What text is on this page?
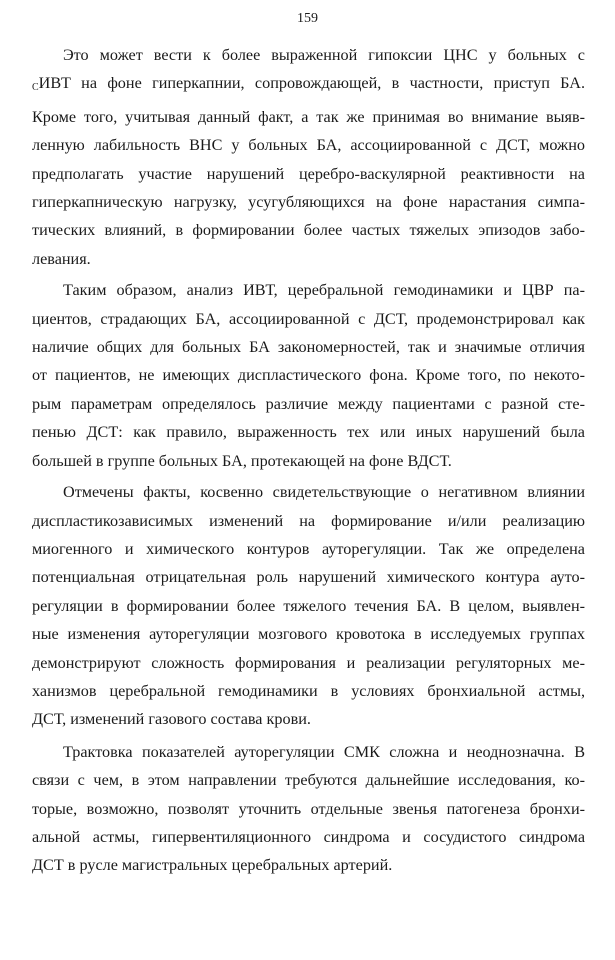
159

Это может вести к более выраженной гипоксии ЦНС у больных с
СИВТ на фоне гиперкапнии, сопровождающей, в частности, приступ БА.
Кроме того, учитывая данный факт, а так же принимая во внимание выяв-
ленную лабильность ВНС у больных БА, ассоциированной с ДСТ, можно
предполагать участие нарушений церебро-васкулярной реактивности на
гиперкапническую нагрузку, усугубляющихся на фоне нарастания симпа-
тических влияний, в формировании более частых тяжелых эпизодов забо-
левания.

Таким образом, анализ ИВТ, церебральной гемодинамики и ЦВР па-
циентов, страдающих БА, ассоциированной с ДСТ, продемонстрировал как
наличие общих для больных БА закономерностей, так и значимые отличия
от пациентов, не имеющих диспластического фона. Кроме того, по некото-
рым параметрам определялось различие между пациентами с разной сте-
пенью ДСТ: как правило, выраженность тех или иных нарушений была
большей в группе больных БА, протекающей на фоне ВДСТ.

Отмечены факты, косвенно свидетельствующие о негативном влиянии
диспластикозависимых изменений на формирование и/или реализацию
миогенного и химического контуров ауторегуляции. Так же определена
потенциальная отрицательная роль нарушений химического контура ауто-
регуляции в формировании более тяжелого течения БА. В целом, выявлен-
ные изменения ауторегуляции мозгового кровотока в исследуемых группах
демонстрируют сложность формирования и реализации регуляторных ме-
ханизмов церебральной гемодинамики в условиях бронхиальной астмы,
ДСТ, изменений газового состава крови.

Трактовка показателей ауторегуляции СМК сложна и неоднозначна. В
связи с чем, в этом направлении требуются дальнейшие исследования, ко-
торые, возможно, позволят уточнить отдельные звенья патогенеза бронхи-
альной астмы, гипервентиляционного синдрома и сосудистого синдрома
ДСТ в русле магистральных церебральных артерий.
